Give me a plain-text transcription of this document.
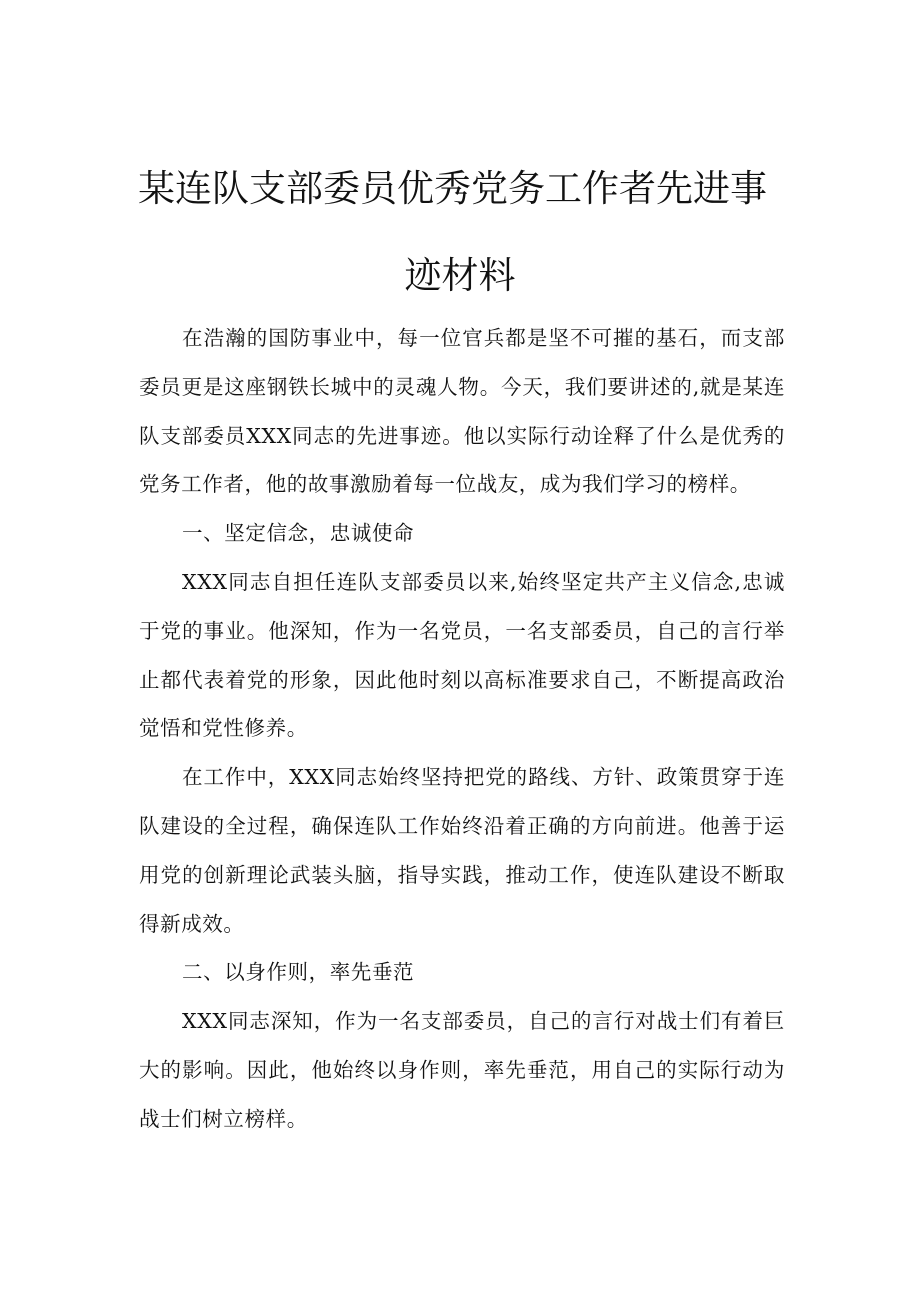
某连队支部委员优秀党务工作者先进事
迹材料

在浩瀚的国防事业中，每一位官兵都是坚不可摧的基石，而支部委员更是这座钢铁长城中的灵魂人物。今天，我们要讲述的,就是某连队支部委员XXX同志的先进事迹。他以实际行动诠释了什么是优秀的党务工作者，他的故事激励着每一位战友，成为我们学习的榜样。

一、坚定信念，忠诚使命

XXX同志自担任连队支部委员以来,始终坚定共产主义信念,忠诚于党的事业。他深知，作为一名党员，一名支部委员，自己的言行举止都代表着党的形象，因此他时刻以高标准要求自己，不断提高政治觉悟和党性修养。

在工作中，XXX同志始终坚持把党的路线、方针、政策贯穿于连队建设的全过程，确保连队工作始终沿着正确的方向前进。他善于运用党的创新理论武装头脑，指导实践，推动工作，使连队建设不断取得新成效。

二、以身作则，率先垂范

XXX同志深知，作为一名支部委员，自己的言行对战士们有着巨大的影响。因此，他始终以身作则，率先垂范，用自己的实际行动为战士们树立榜样。
